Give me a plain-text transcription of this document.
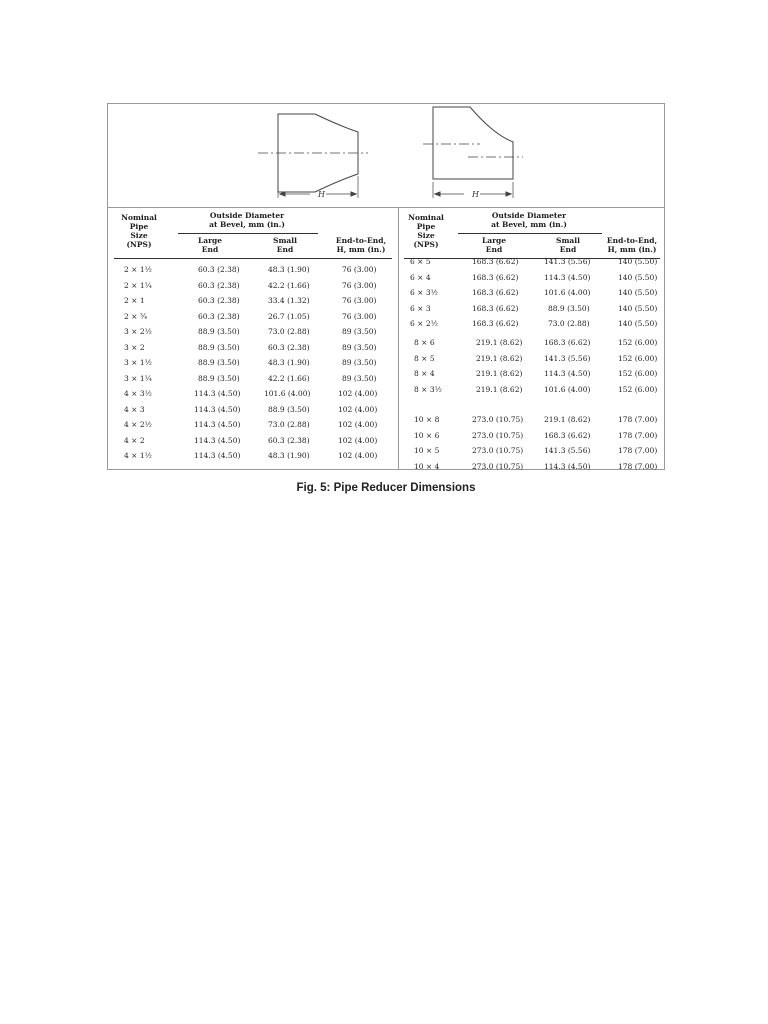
H	H
Nominal
Pipe
Size
(NPS)
Outside Diameter
at Bevel, mm (in.)
Large
End
Small
End
End-to-End,
H, mm (in.)
2 × 1½	60.3 (2.38)	48.3 (1.90)	76 (3.00)
2 × 1¼	60.3 (2.38)	42.2 (1.66)	76 (3.00)
2 × 1	60.3 (2.38)	33.4 (1.32)	76 (3.00)
2 × ¾	60.3 (2.38)	26.7 (1.05)	76 (3.00)
3 × 2½	88.9 (3.50)	73.0 (2.88)	89 (3.50)
3 × 2	88.9 (3.50)	60.3 (2.38)	89 (3.50)
3 × 1½	88.9 (3.50)	48.3 (1.90)	89 (3.50)
3 × 1¼	88.9 (3.50)	42.2 (1.66)	89 (3.50)
4 × 3½	114.3 (4.50)	101.6 (4.00)	102 (4.00)
4 × 3	114.3 (4.50)	88.9 (3.50)	102 (4.00)
4 × 2½	114.3 (4.50)	73.0 (2.88)	102 (4.00)
4 × 2	114.3 (4.50)	60.3 (2.38)	102 (4.00)
4 × 1½	114.3 (4.50)	48.3 (1.90)	102 (4.00)
Nominal
Pipe
Size
(NPS)
Outside Diameter
at Bevel, mm (in.)
Large
End
Small
End
End-to-End,
H, mm (in.)
6 × 5	168.3 (6.62)	141.3 (5.56)	140 (5.50)
6 × 4	168.3 (6.62)	114.3 (4.50)	140 (5.50)
6 × 3½	168.3 (6.62)	101.6 (4.00)	140 (5.50)
6 × 3	168.3 (6.62)	88.9 (3.50)	140 (5.50)
6 × 2½	168.3 (6.62)	73.0 (2.88)	140 (5.50)
8 × 6	219.1 (8.62)	168.3 (6.62)	152 (6.00)
8 × 5	219.1 (8.62)	141.3 (5.56)	152 (6.00)
8 × 4	219.1 (8.62)	114.3 (4.50)	152 (6.00)
8 × 3½	219.1 (8.62)	101.6 (4.00)	152 (6.00)
10 × 8	273.0 (10.75)	219.1 (8.62)	178 (7.00)
10 × 6	273.0 (10.75)	168.3 (6.62)	178 (7.00)
10 × 5	273.0 (10.75)	141.3 (5.56)	178 (7.00)
10 × 4	273.0 (10.75)	114.3 (4.50)	178 (7.00)
Fig. 5: Pipe Reducer Dimensions
